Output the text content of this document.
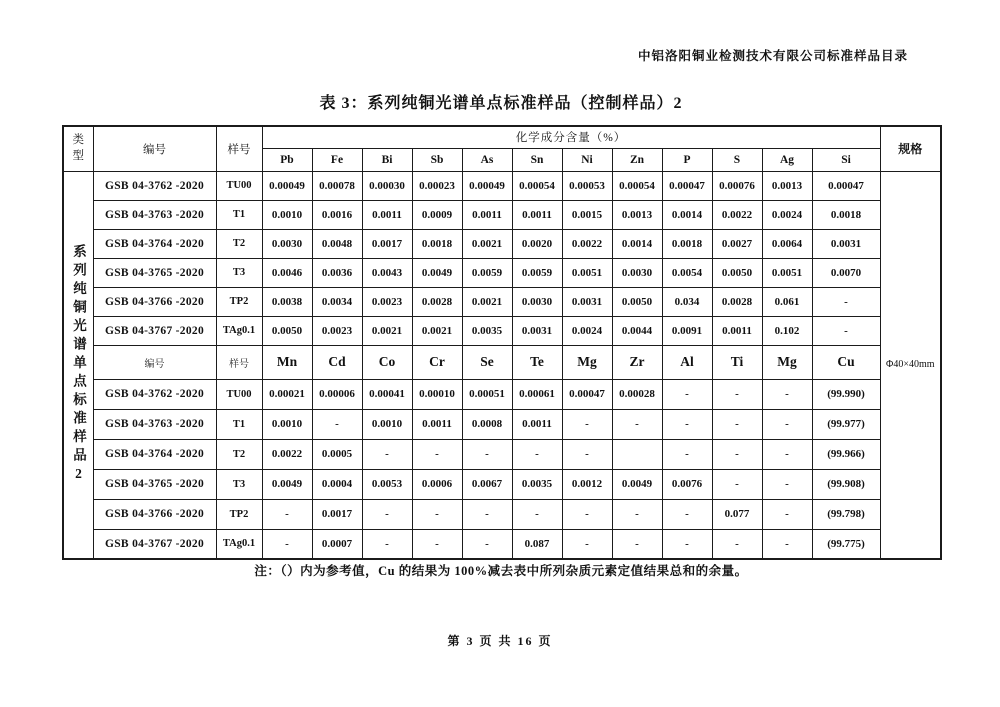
中铝洛阳铜业检测技术有限公司标准样品目录
表 3：系列纯铜光谱单点标准样品（控制样品）2
类型	编号	样号	化学成分含量（%）												规格
			Pb	Fe	Bi	Sb	As	Sn	Ni	Zn	P	S	Ag	Si	

系列纯铜光谱单点标准样品2	GSB 04-3762 -2020	TU00	0.00049	0.00078	0.00030	0.00023	0.00049	0.00054	0.00053	0.00054	0.00047	0.00076	0.0013	0.00047	Φ40×40mm

	GSB 04-3763 -2020	T1	0.0010	0.0016	0.0011	0.0009	0.0011	0.0011	0.0015	0.0013	0.0014	0.0022	0.0024	0.0018	
	GSB 04-3764 -2020	T2	0.0030	0.0048	0.0017	0.0018	0.0021	0.0020	0.0022	0.0014	0.0018	0.0027	0.0064	0.0031	
	GSB 04-3765 -2020	T3	0.0046	0.0036	0.0043	0.0049	0.0059	0.0059	0.0051	0.0030	0.0054	0.0050	0.0051	0.0070	
	GSB 04-3766 -2020	TP2	0.0038	0.0034	0.0023	0.0028	0.0021	0.0030	0.0031	0.0050	0.034	0.0028	0.061	-	
	GSB 04-3767 -2020	TAg0.1	0.0050	0.0023	0.0021	0.0021	0.0035	0.0031	0.0024	0.0044	0.0091	0.0011	0.102	-	
	编号	样号	Mn	Cd	Co	Cr	Se	Te	Mg	Zr	Al	Ti	Mg	Cu	
	GSB 04-3762 -2020	TU00	0.00021	0.00006	0.00041	0.00010	0.00051	0.00061	0.00047	0.00028	-	-	-	(99.990)	
	GSB 04-3763 -2020	T1	0.0010	-	0.0010	0.0011	0.0008	0.0011	-	-	-	-	-	(99.977)	
	GSB 04-3764 -2020	T2	0.0022	0.0005	-	-	-	-	-		-	-	-	(99.966)	
	GSB 04-3765 -2020	T3	0.0049	0.0004	0.0053	0.0006	0.0067	0.0035	0.0012	0.0049	0.0076	-	-	(99.908)	
	GSB 04-3766 -2020	TP2	-	0.0017	-	-	-	-	-	-	-	0.077	-	(99.798)	
	GSB 04-3767 -2020	TAg0.1	-	0.0007	-	-	-	0.087	-	-	-	-	-	(99.775)	
注：（）内为参考值，Cu 的结果为 100%减去表中所列杂质元素定值结果总和的余量。
第 3 页 共 16 页
